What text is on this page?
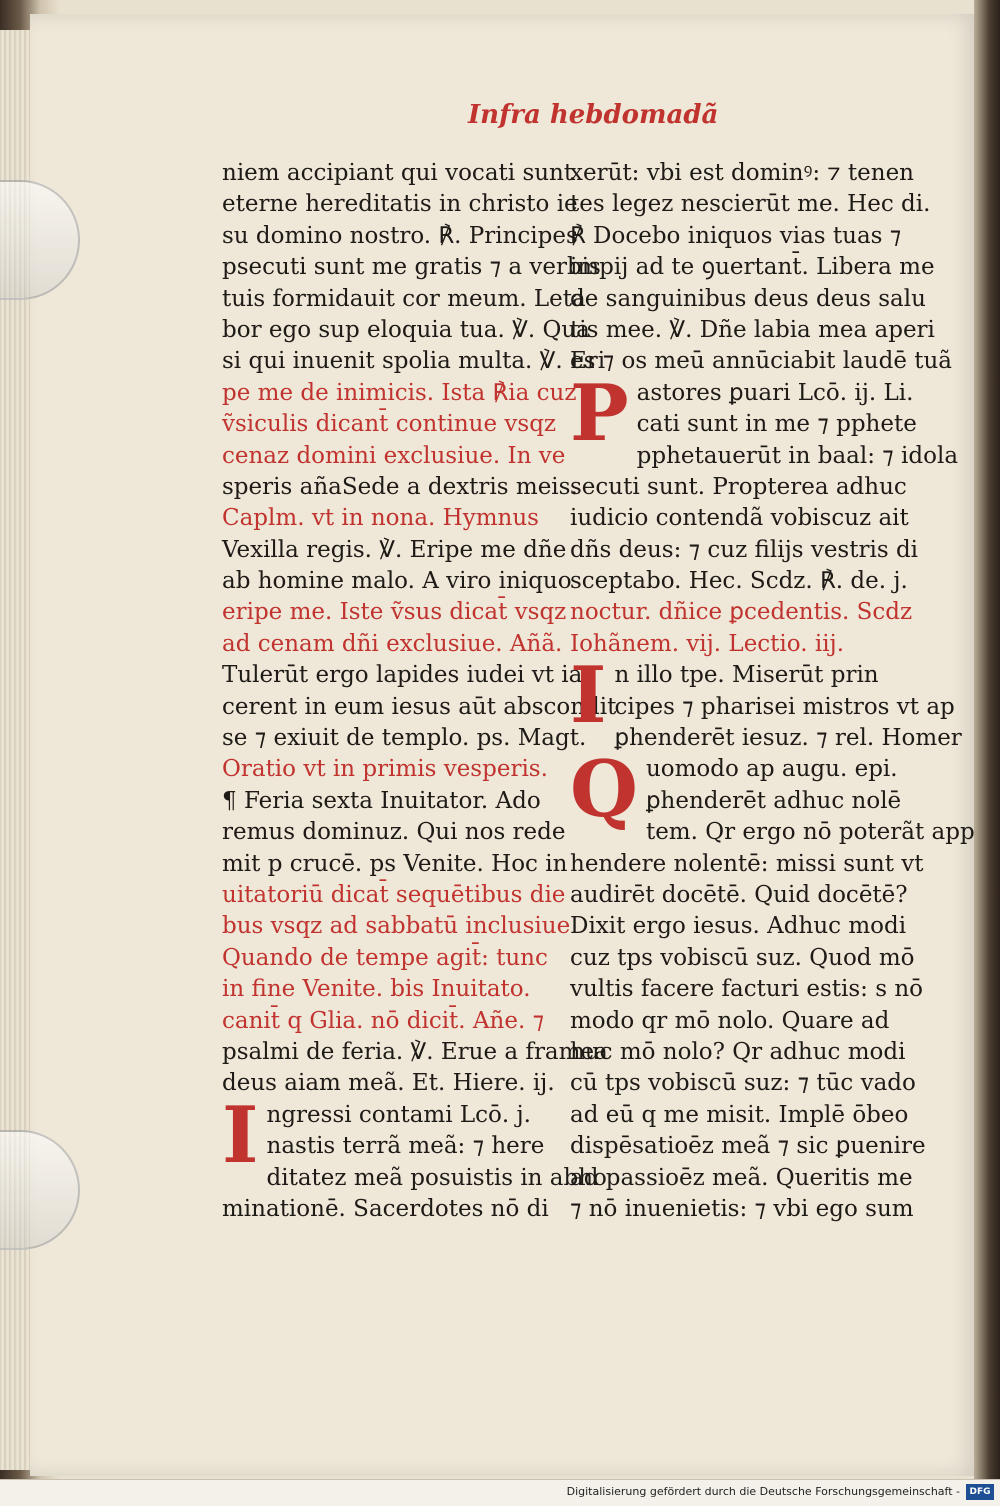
Infra hebdomadã
niem accipiant qui vocati sunt
eterne hereditatis in christo ie
su domino nostro. ℟. Principes
psecuti sunt me gratis ⁊ a verbis
tuis formidauit cor meum. Leta
bor ego sup eloquia tua. ℣. Qua
si qui inuenit spolia multa. ℣. Eri
pe me de inimicis. Ista ℟ia cuz
ṽsiculis dicant̄ continue vsqz
cenaz domini exclusiue. In ve
speris añaSede a dextris meis.
Caplm. vt in nona. Hymnus
Vexilla regis. ℣. Eripe me dñe
ab homine malo. A viro iniquo
eripe me. Iste ṽsus dicat̄ vsqz
ad cenam dñi exclusiue. Añã.
Tulerūt ergo lapides iudei vt ia
cerent in eum iesus aūt abscondit
se ⁊ exiuit de templo. ps. Magt.
Oratio vt in primis vesperis.
¶ Feria sexta Inuitator. Ado
remus dominuz. Qui nos rede
mit p crucē. ps Venite. Hoc in
uitatoriū dicat̄ sequētibus die
bus vsqz ad sabbatū inclusiue
Quando de tempe agit̄: tunc
in fine Venite. bis Inuitato.
canit̄ q Glia. nō dicit̄. Añe. ⁊
psalmi de feria. ℣. Erue a framea
deus aiam meã. Et. Hiere. ij.
Ingressi contami Lcō. j.
nastis terrã meã: ⁊ here
ditatez meã posuistis in abho
minationē. Sacerdotes nō di
xerūt: vbi est dominꝰ: ⁊ tenen
tes legez nescierūt me. Hec di.
℟ Docebo iniquos vias tuas ⁊
impij ad te ꝯuertant̄. Libera me
de sanguinibus deus deus salu
tis mee. ℣. Dñe labia mea aperi
es ⁊ os meū annūciabit laudē tuã
Pastores ꝑuari Lcō. ij. Li.
cati sunt in me ⁊ pphete
pphetauerūt in baal: ⁊ idola
secuti sunt. Propterea adhuc
iudicio contendã vobiscuz ait
dñs deus: ⁊ cuz filijs vestris di
sceptabo. Hec. Scdz. ℟. de. j.
noctur. dñice ꝑcedentis. Scdz
Iohãnem. vij. Lectio. iij.
In illo tpe. Miserūt prin
cipes ⁊ pharisei mistros vt ap
ꝑhenderēt iesuz. ⁊ rel. Homer
Quomodo ap augu. epi.
ꝑhenderēt adhuc nolē
tem. Qr ergo nō poterãt app
hendere nolentē: missi sunt vt
audirēt docētē. Quid docētē?
Dixit ergo iesus. Adhuc modi
cuz tps vobiscū suz. Quod mō
vultis facere facturi estis: s nō
modo qr mō nolo. Quare ad
huc mō nolo? Qr adhuc modi
cū tps vobiscū suz: ⁊ tūc vado
ad eū q me misit. Implē ōbeo
dispēsatioēz meã ⁊ sic ꝑuenire
ad passioēz meã. Queritis me
⁊ nō inuenietis: ⁊ vbi ego sum
Digitalisierung gefördert durch die Deutsche Forschungsgemeinschaft -	DFG
